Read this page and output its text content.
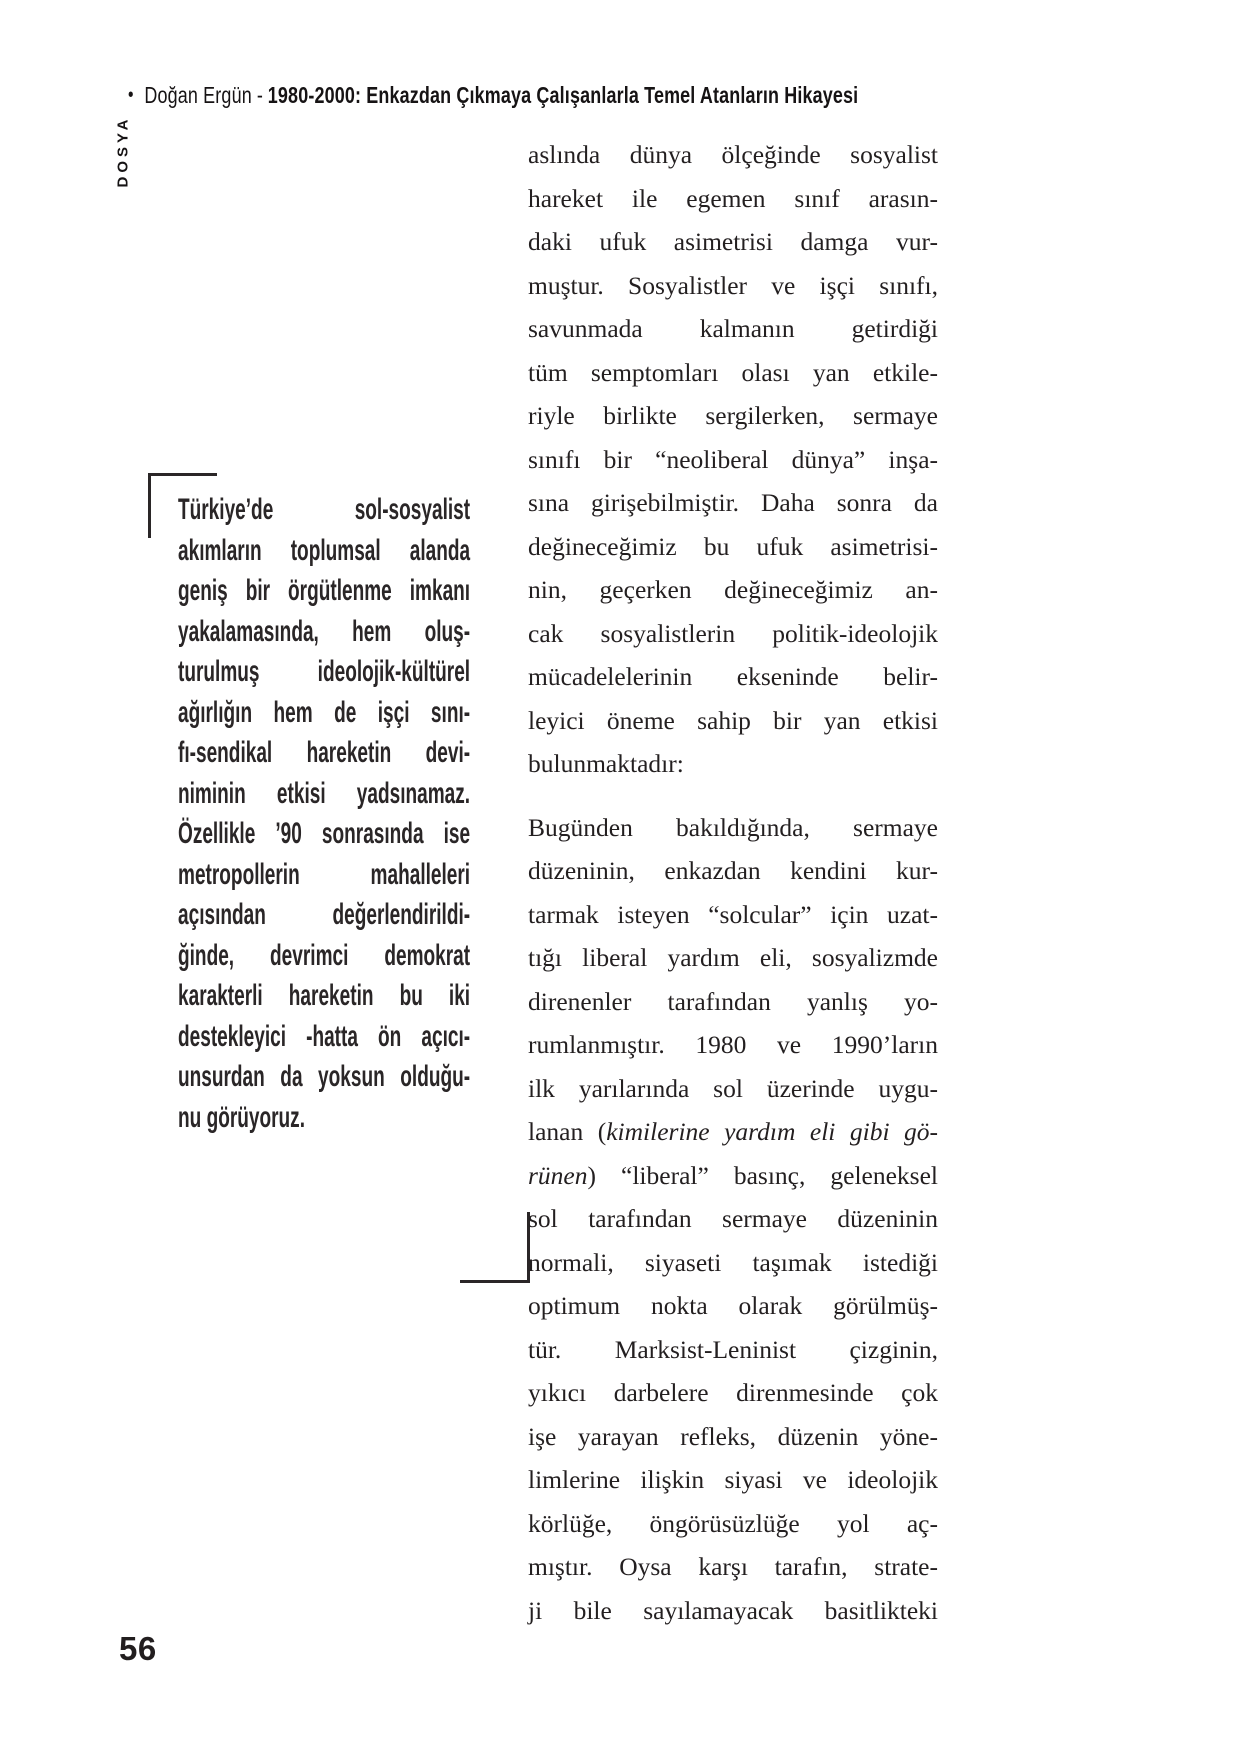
• Doğan Ergün - 1980-2000: Enkazdan Çıkmaya Çalışanlarla Temel Atanların Hikayesi
DOSYA
Türkiye’de sol-sosyalist
akımların toplumsal alanda
geniş bir örgütlenme imkanı
yakalamasında, hem oluş-
turulmuş ideolojik-kültürel
ağırlığın hem de işçi sını-
fı-sendikal hareketin devi-
niminin etkisi yadsınamaz.
Özellikle ’90 sonrasında ise
metropollerin mahalleleri
açısından değerlendirildi-
ğinde, devrimci demokrat
karakterli hareketin bu iki
destekleyici -hatta ön açıcı-
unsurdan da yoksun olduğu-
nu görüyoruz.
aslında dünya ölçeğinde sosyalist
hareket ile egemen sınıf arasın-
daki ufuk asimetrisi damga vur-
muştur. Sosyalistler ve işçi sınıfı,
savunmada kalmanın getirdiği
tüm semptomları olası yan etkile-
riyle birlikte sergilerken, sermaye
sınıfı bir “neoliberal dünya” inşa-
sına girişebilmiştir. Daha sonra da
değineceğimiz bu ufuk asimetrisi-
nin, geçerken değineceğimiz an-
cak sosyalistlerin politik-ideolojik
mücadelelerinin ekseninde belir-
leyici öneme sahip bir yan etkisi
bulunmaktadır:
Bugünden bakıldığında, sermaye
düzeninin, enkazdan kendini kur-
tarmak isteyen “solcular” için uzat-
tığı liberal yardım eli, sosyalizmde
direnenler tarafından yanlış yo-
rumlanmıştır. 1980 ve 1990’ların
ilk yarılarında sol üzerinde uygu-
lanan (kimilerine yardım eli gibi gö-
rünen) “liberal” basınç, geleneksel
sol tarafından sermaye düzeninin
normali, siyaseti taşımak istediği
optimum nokta olarak görülmüş-
tür. Marksist-Leninist çizginin,
yıkıcı darbelere direnmesinde çok
işe yarayan refleks, düzenin yöne-
limlerine ilişkin siyasi ve ideolojik
körlüğe, öngörüsüzlüğe yol aç-
mıştır. Oysa karşı tarafın, strate-
ji bile sayılamayacak basitlikteki
56
